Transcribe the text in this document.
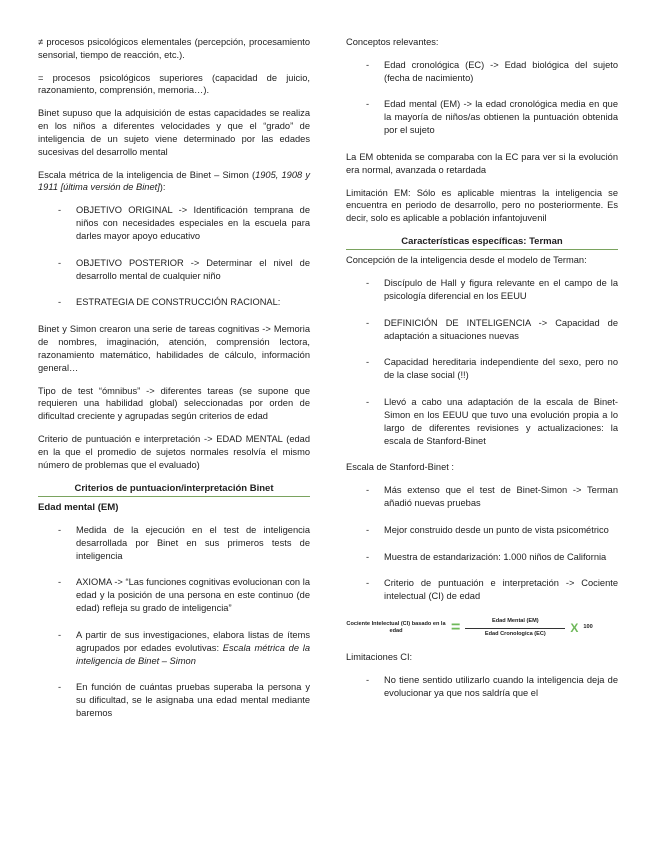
≠ procesos psicológicos elementales (percepción, procesamiento sensorial, tiempo de reacción, etc.).

= procesos psicológicos superiores (capacidad de juicio, razonamiento, comprensión, memoria…).

Binet supuso que la adquisición de estas capacidades se realiza en los niños a diferentes velocidades y que el “grado” de inteligencia de un sujeto viene determinado por las edades sucesivas del desarrollo mental

Escala métrica de la inteligencia de Binet – Simon (1905, 1908 y 1911 [última versión de Binet]):

- OBJETIVO ORIGINAL -> Identificación temprana de niños con necesidades especiales en la escuela para darles mayor apoyo educativo
- OBJETIVO POSTERIOR -> Determinar el nivel de desarrollo mental de cualquier niño
- ESTRATEGIA DE CONSTRUCCIÓN RACIONAL:

Binet y Simon crearon una serie de tareas cognitivas -> Memoria de nombres, imaginación, atención, comprensión lectora, razonamiento matemático, habilidades de cálculo, información general…

Tipo de test “ómnibus” -> diferentes tareas (se supone que requieren una habilidad global) seleccionadas por orden de dificultad creciente y agrupadas según criterios de edad

Criterio de puntuación e interpretación -> EDAD MENTAL (edad en la que el promedio de sujetos normales resolvía el mismo número de problemas que el evaluado)

Criterios de puntuacion/interpretación Binet
Edad mental (EM)
- Medida de la ejecución en el test de inteligencia desarrollada por Binet en sus primeros tests de inteligencia
- AXIOMA -> “Las funciones cognitivas evolucionan con la edad y la posición de una persona en este continuo (de edad) refleja su grado de inteligencia”
- A partir de sus investigaciones, elabora listas de ítems agrupados por edades evolutivas: Escala métrica de la inteligencia de Binet – Simon
- En función de cuántas pruebas superaba la persona y su dificultad, se le asignaba una edad mental mediante baremos

Conceptos relevantes:

- Edad cronológica (EC) -> Edad biológica del sujeto (fecha de nacimiento)
- Edad mental (EM) -> la edad cronológica media en que la mayoría de niños/as obtienen la puntuación obtenida por el sujeto

La EM obtenida se comparaba con la EC para ver si la evolución era normal, avanzada o retardada

Limitación EM: Sólo es aplicable mientras la inteligencia se encuentra en periodo de desarrollo, pero no posteriormente. Es decir, solo es aplicable a población infantojuvenil

Características específicas: Terman

Concepción de la inteligencia desde el modelo de Terman:

- Discípulo de Hall y figura relevante en el campo de la psicología diferencial en los EEUU
- DEFINICIÓN DE INTELIGENCIA -> Capacidad de adaptación a situaciones nuevas
- Capacidad hereditaria independiente del sexo, pero no de la clase social (!!)
- Llevó a cabo una adaptación de la escala de Binet-Simon en los EEUU que tuvo una evolución propia a lo largo de diferentes revisiones y actualizaciones: la escala de Stanford-Binet

Escala de Stanford-Binet :

- Más extenso que el test de Binet-Simon -> Terman añadió nuevas pruebas
- Mejor construido desde un punto de vista psicométrico
- Muestra de estandarización: 1.000 niños de California
- Criterio de puntuación e interpretación -> Cociente intelectual (CI) de edad
Cociente Intelectual (CI) basado en la edad	= $\frac{\text{Edad Mental (EM)}}{\text{Edad Cronologica (EC)}}$ X 100

Limitaciones CI:

- No tiene sentido utilizarlo cuando la inteligencia deja de evolucionar ya que nos saldría que el
